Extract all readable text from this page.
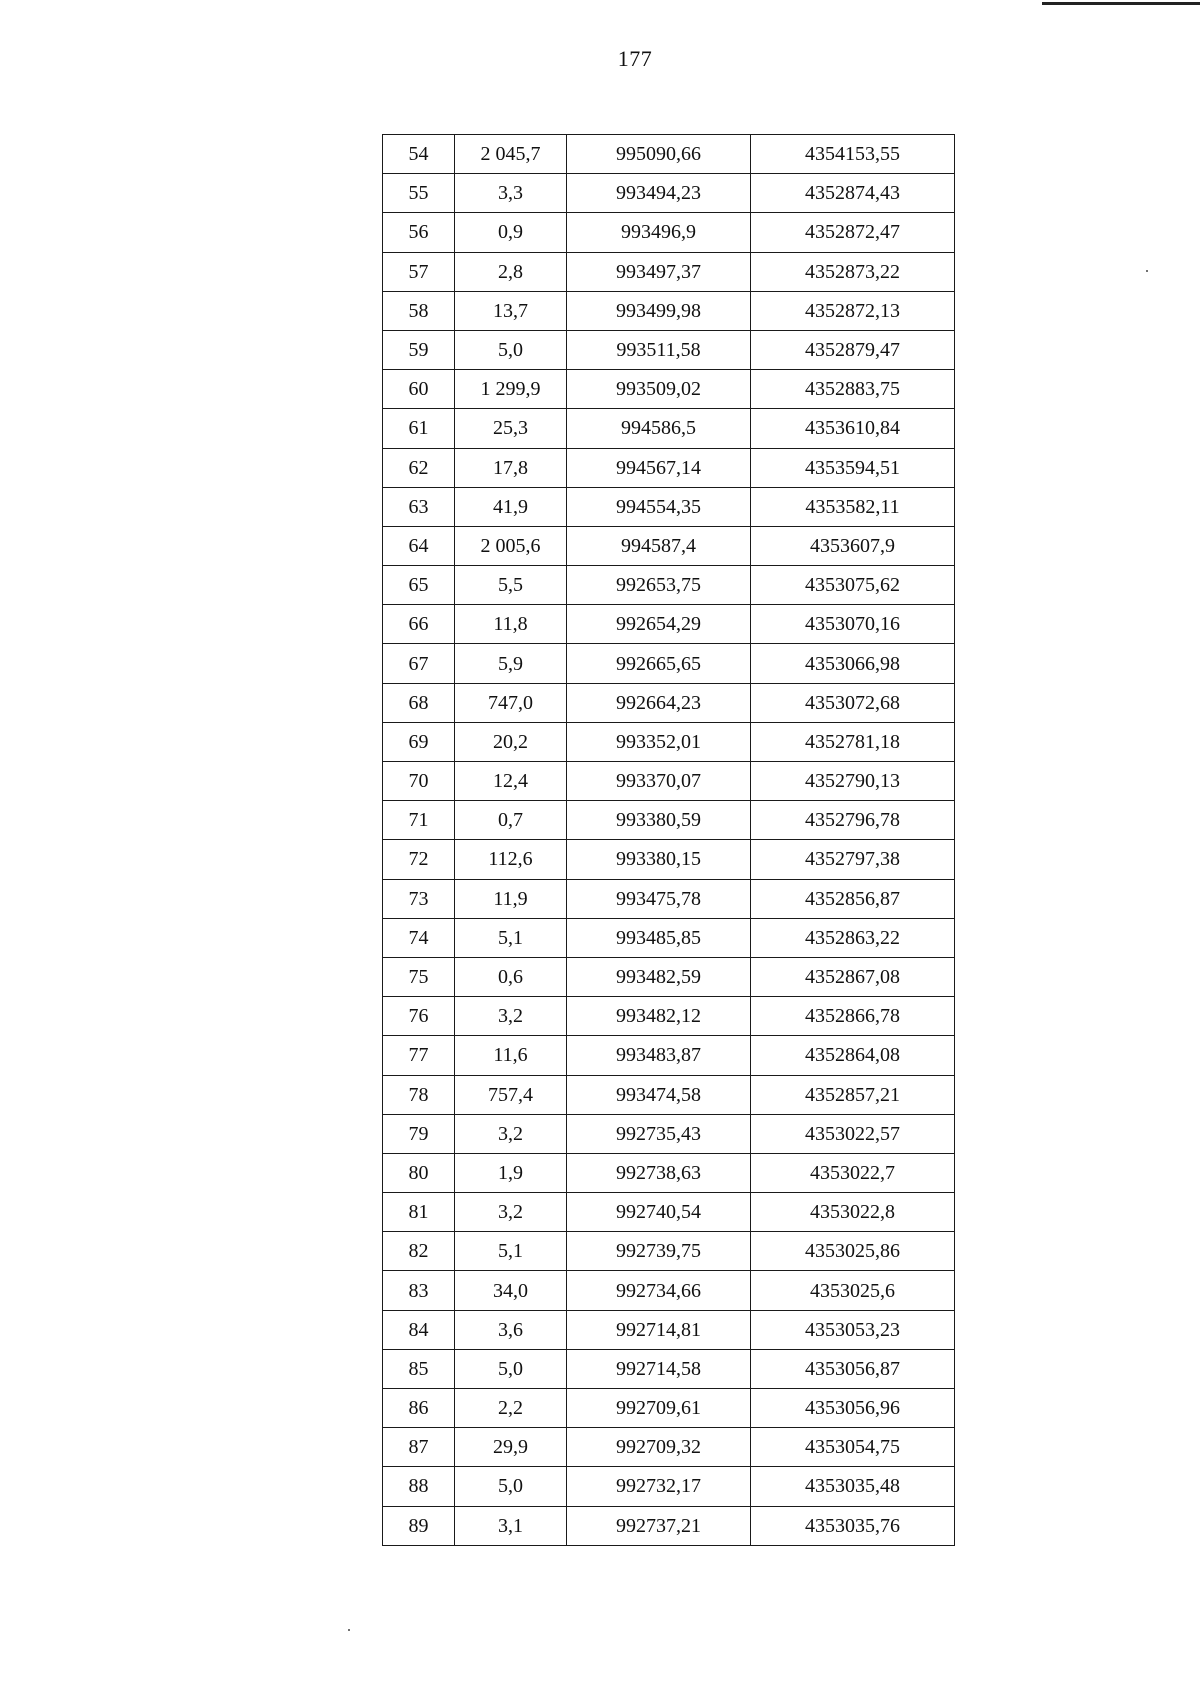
177
54	2 045,7	995090,66	4354153,55
55	3,3	993494,23	4352874,43
56	0,9	993496,9	4352872,47
57	2,8	993497,37	4352873,22
58	13,7	993499,98	4352872,13
59	5,0	993511,58	4352879,47
60	1 299,9	993509,02	4352883,75
61	25,3	994586,5	4353610,84
62	17,8	994567,14	4353594,51
63	41,9	994554,35	4353582,11
64	2 005,6	994587,4	4353607,9
65	5,5	992653,75	4353075,62
66	11,8	992654,29	4353070,16
67	5,9	992665,65	4353066,98
68	747,0	992664,23	4353072,68
69	20,2	993352,01	4352781,18
70	12,4	993370,07	4352790,13
71	0,7	993380,59	4352796,78
72	112,6	993380,15	4352797,38
73	11,9	993475,78	4352856,87
74	5,1	993485,85	4352863,22
75	0,6	993482,59	4352867,08
76	3,2	993482,12	4352866,78
77	11,6	993483,87	4352864,08
78	757,4	993474,58	4352857,21
79	3,2	992735,43	4353022,57
80	1,9	992738,63	4353022,7
81	3,2	992740,54	4353022,8
82	5,1	992739,75	4353025,86
83	34,0	992734,66	4353025,6
84	3,6	992714,81	4353053,23
85	5,0	992714,58	4353056,87
86	2,2	992709,61	4353056,96
87	29,9	992709,32	4353054,75
88	5,0	992732,17	4353035,48
89	3,1	992737,21	4353035,76
